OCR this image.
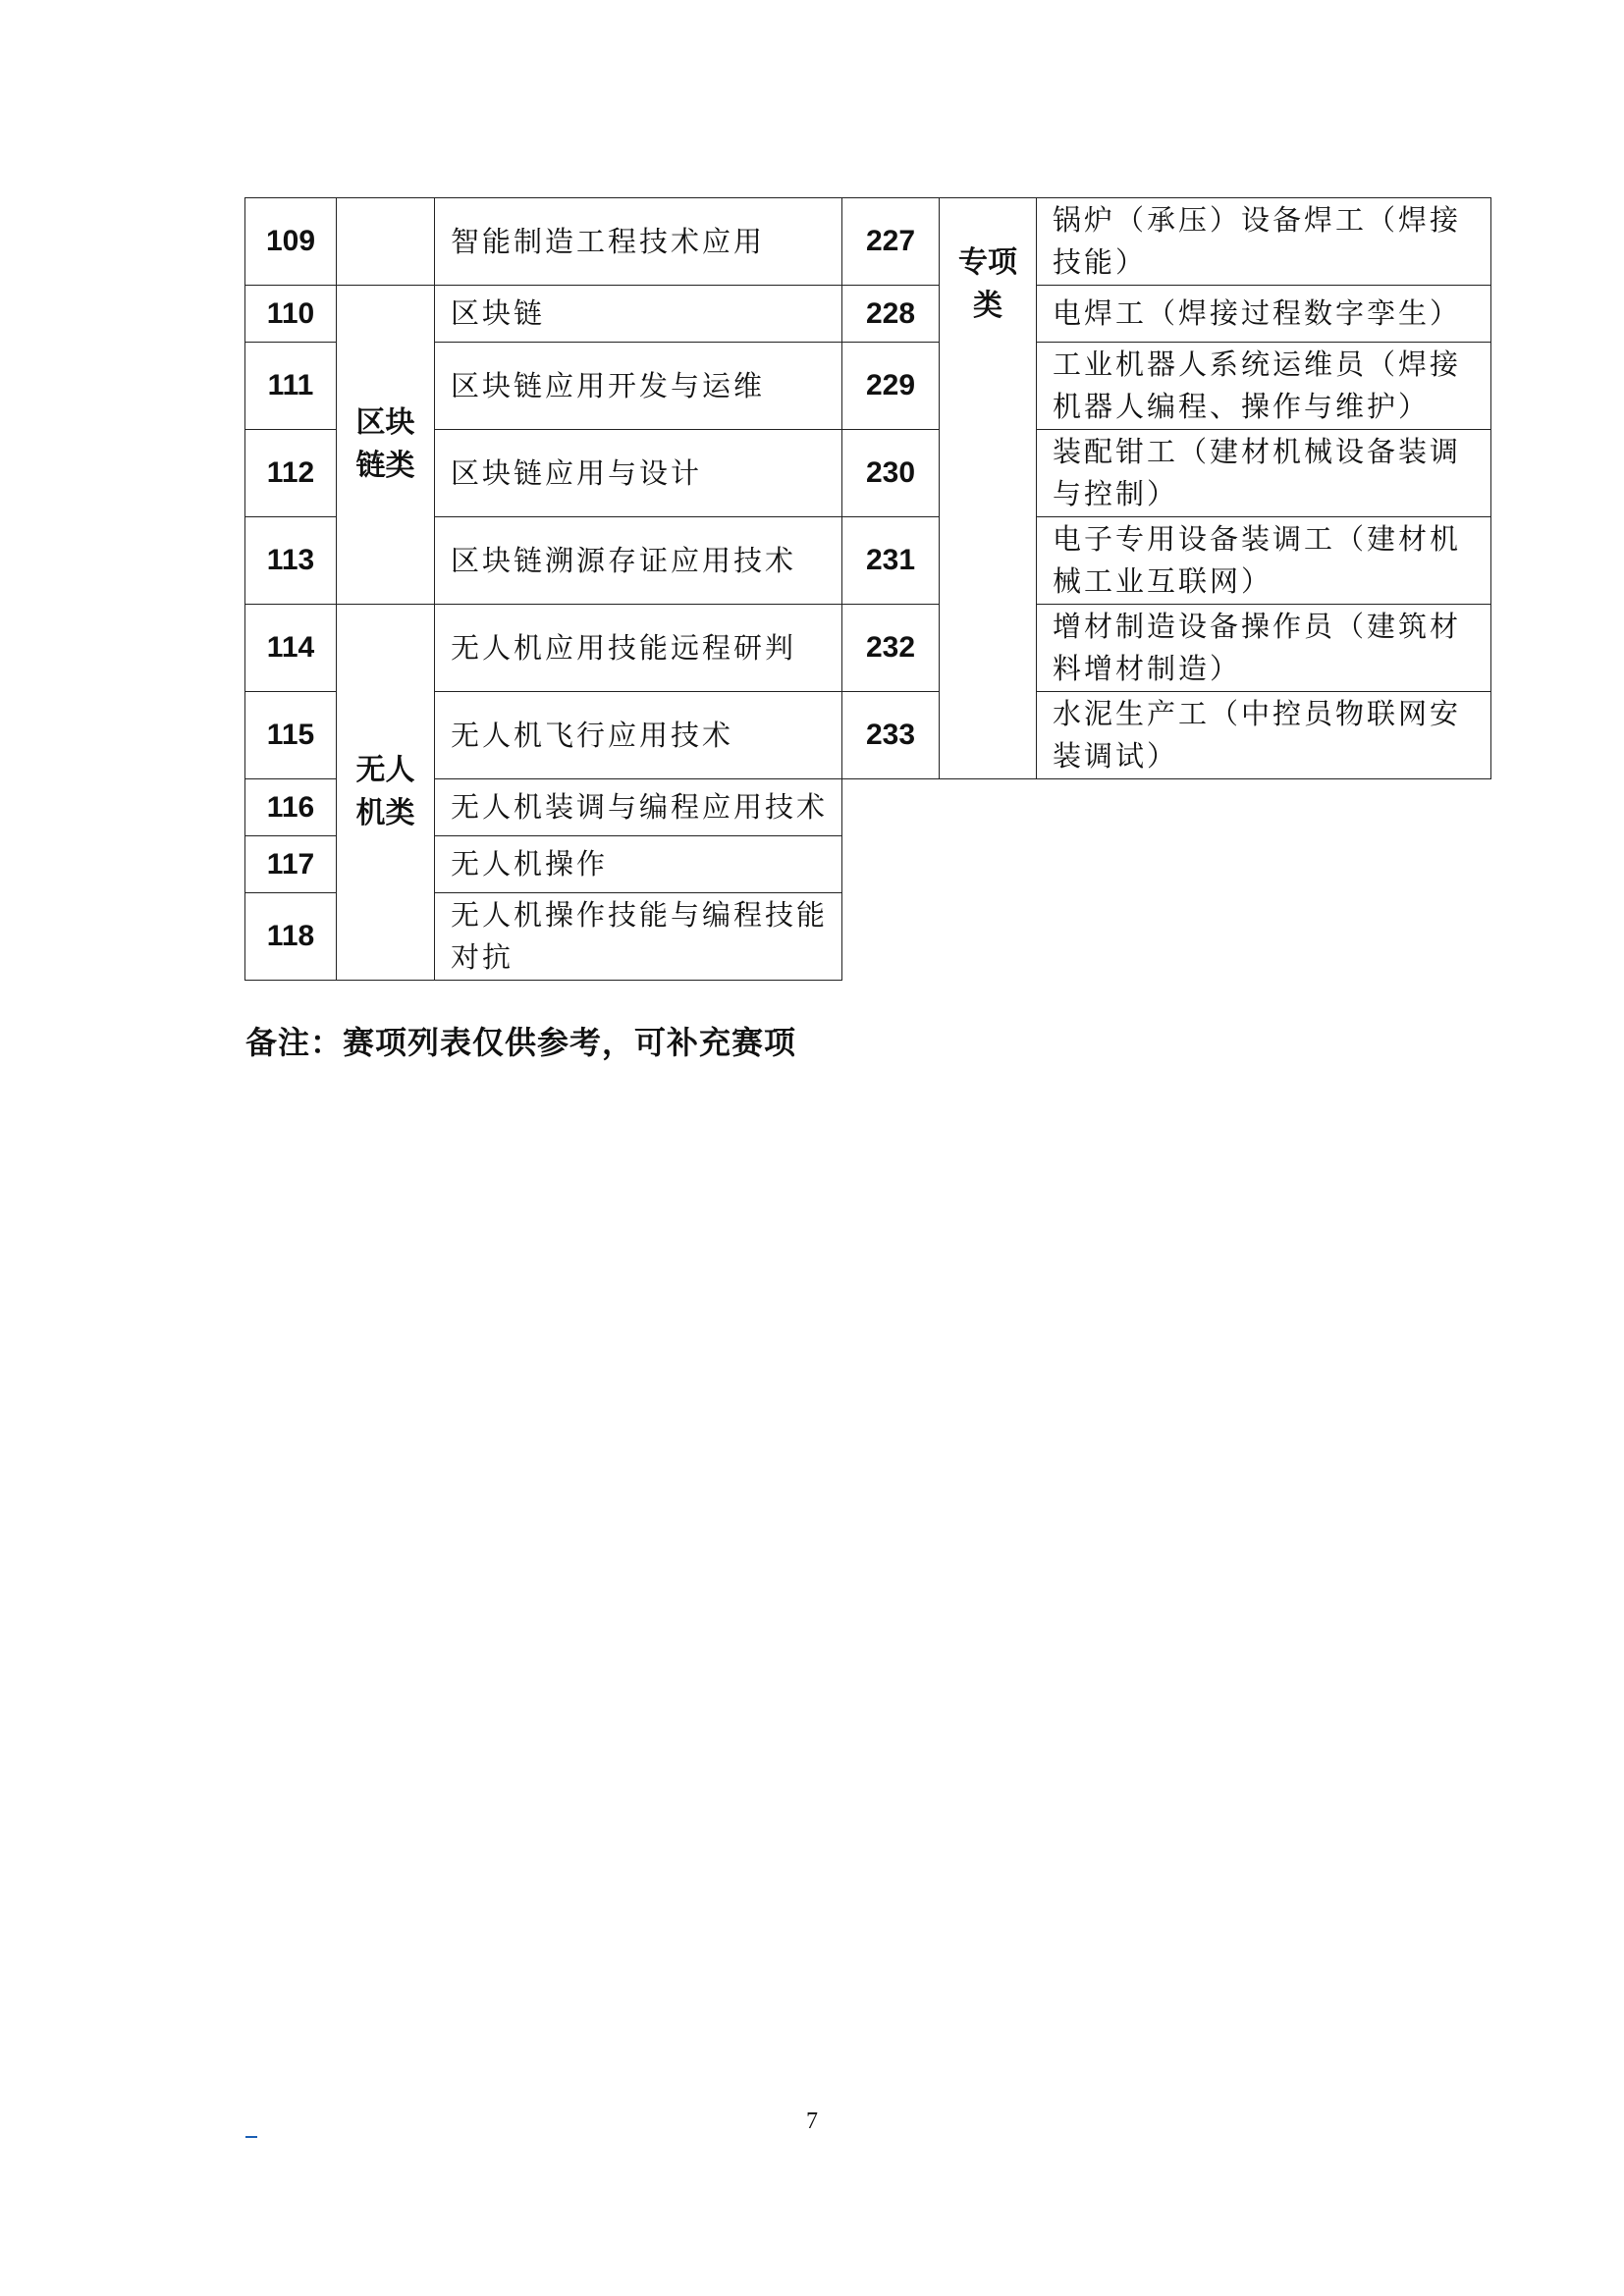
109		智能制造工程技术应用
110	区块链类	区块链
111		区块链应用开发与运维
112		区块链应用与设计
113		区块链溯源存证应用技术
114	无人机类	无人机应用技能远程研判
115		无人机飞行应用技术
116		无人机装调与编程应用技术
117		无人机操作
118		无人机操作技能与编程技能对抗
227	专项类	锅炉（承压）设备焊工（焊接技能）
228		电焊工（焊接过程数字孪生）
229		工业机器人系统运维员（焊接机器人编程、操作与维护）
230		装配钳工（建材机械设备装调与控制）
231		电子专用设备装调工（建材机械工业互联网）
232		增材制造设备操作员（建筑材料增材制造）
233		水泥生产工（中控员物联网安装调试）
备注：赛项列表仅供参考，可补充赛项
7
